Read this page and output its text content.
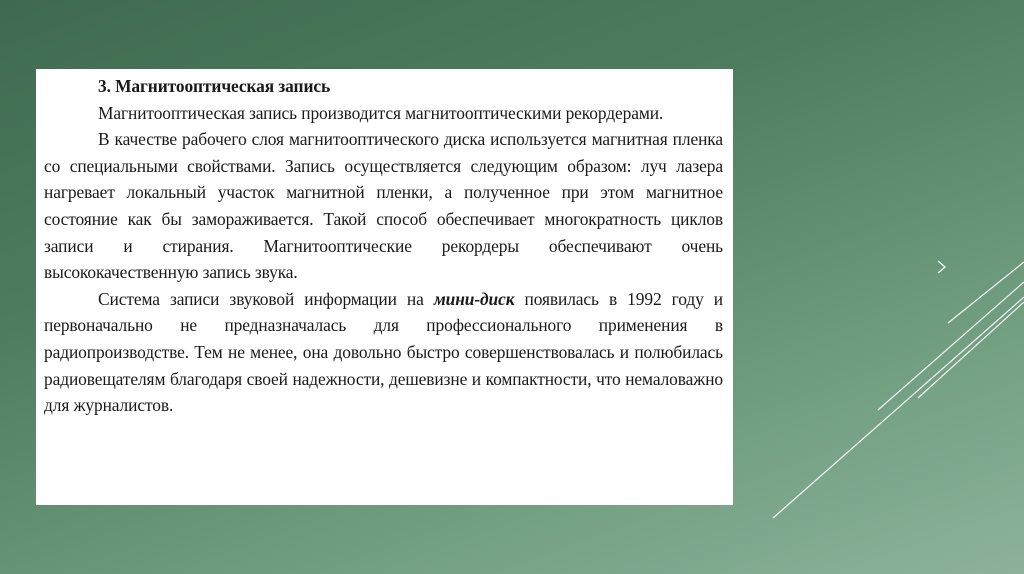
3. Магнитооптическая запись

Магнитооптическая запись производится магнитооптическими рекордерами.

В качестве рабочего слоя магнитооптического диска используется магнитная пленка со специальными свойствами. Запись осуществляется следующим образом: луч лазера нагревает локальный участок магнитной пленки, а полученное при этом магнитное состояние как бы замораживается. Такой способ обеспечивает многократность циклов записи и стирания. Магнитооптические рекордеры обеспечивают очень высококачественную запись звука.

Система записи звуковой информации на мини-диск появилась в 1992 году и первоначально не предназначалась для профессионального применения в радиопроизводстве. Тем не менее, она довольно быстро совершенствовалась и полюбилась радиовещателям благодаря своей надежности, дешевизне и компактности, что немаловажно для журналистов.
